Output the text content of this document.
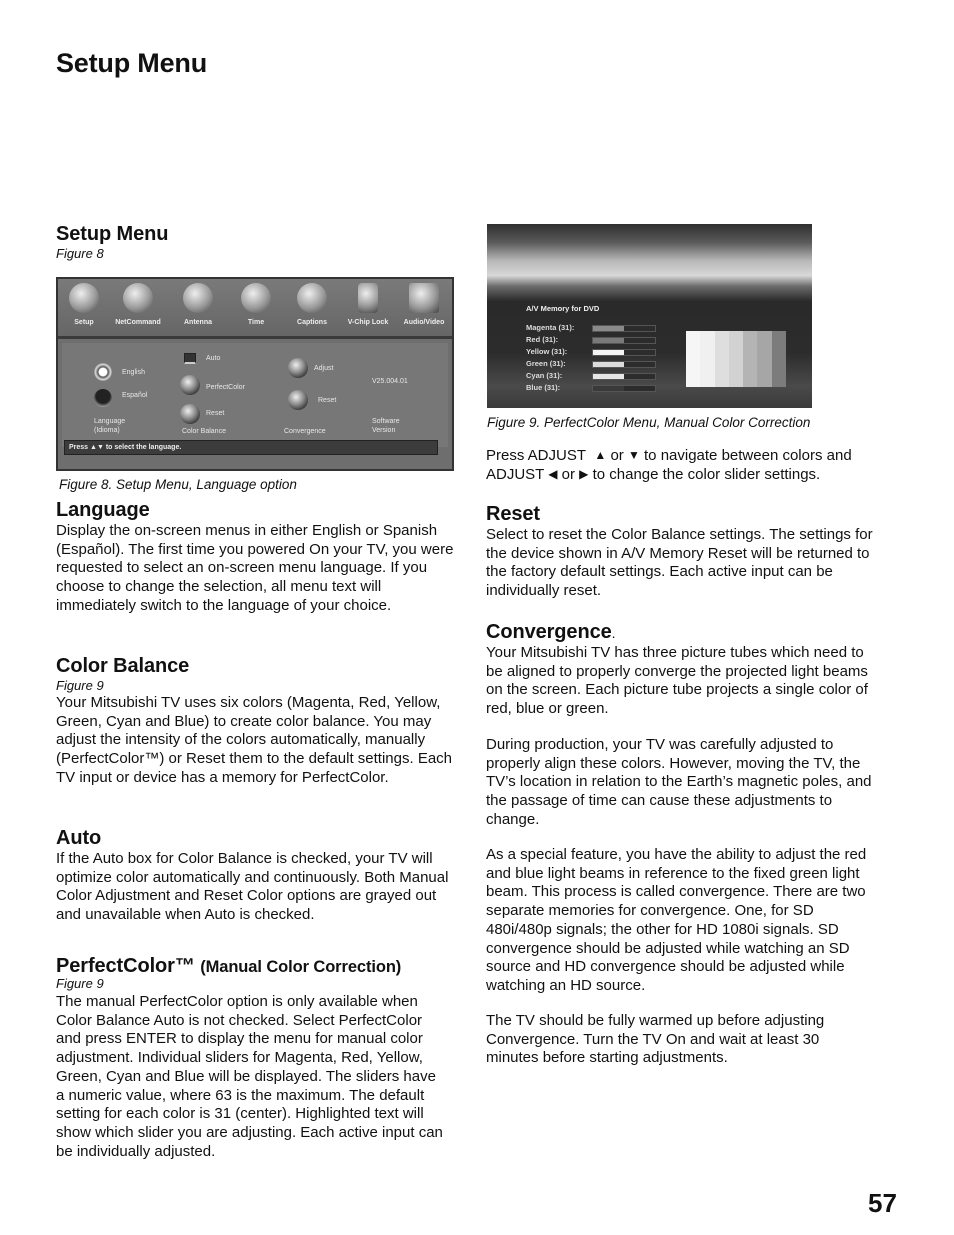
Setup Menu
Setup Menu
Figure 8
Setup	NetCommand	Antenna	Time	Captions	V-Chip Lock	Audio/Video
English
Español
Language
(Idioma)
Auto
PerfectColor
Reset
Color Balance
Adjust
Reset
Convergence
V25.004.01
Software
Version
Press ▲▼ to select the language.
Figure 8. Setup Menu, Language option
Language
Display the on-screen menus in either English or Spanish (Español). The first time you powered On your TV, you were requested to select an on-screen menu language. If you choose to change the selection, all menu text will immediately switch to the language of your choice.
Color Balance
Figure 9
Your Mitsubishi TV uses six colors (Magenta, Red, Yellow, Green, Cyan and Blue) to create color balance. You may adjust the intensity of the colors automatically, manually (PerfectColor™) or Reset them to the default settings. Each TV input or device has a memory for PerfectColor.
Auto
If the Auto box for Color Balance is checked, your TV will optimize color automatically and continuously. Both Manual Color Adjustment and Reset Color options are grayed out and unavailable when Auto is checked.
PerfectColor™ (Manual Color Correction)
Figure 9
The manual PerfectColor option is only available when Color Balance Auto is not checked. Select PerfectColor and press ENTER to display the menu for manual color adjustment. Individual sliders for Magenta, Red, Yellow, Green, Cyan and Blue will be displayed. The sliders have a numeric value, where 63 is the maximum. The default setting for each color is 31 (center). Highlighted text will show which slider you are adjusting. Each active input can be individually adjusted.
A/V Memory for DVD
Magenta (31):
Red (31):
Yellow (31):
Green (31):
Cyan (31):
Blue (31):
Figure 9. PerfectColor Menu, Manual Color Correction
Press ADJUST ▲ or ▼ to navigate between colors and
ADJUST ◀ or ▶ to change the color slider settings.
Reset
Select to reset the Color Balance settings. The settings for the device shown in A/V Memory Reset will be returned to the factory default settings. Each active input can be individually reset.
Convergence.
Your Mitsubishi TV has three picture tubes which need to be aligned to properly converge the projected light beams on the screen. Each picture tube projects a single color of red, blue or green.
During production, your TV was carefully adjusted to properly align these colors. However, moving the TV, the TV’s location in relation to the Earth’s magnetic poles, and the passage of time can cause these adjustments to change.
As a special feature, you have the ability to adjust the red and blue light beams in reference to the fixed green light beam. This process is called convergence. There are two separate memories for convergence. One, for SD 480i/480p signals; the other for HD 1080i signals. SD convergence should be adjusted while watching an SD source and HD convergence should be adjusted while watching an HD source.
The TV should be fully warmed up before adjusting Convergence. Turn the TV On and wait at least 30 minutes before starting adjustments.
57
